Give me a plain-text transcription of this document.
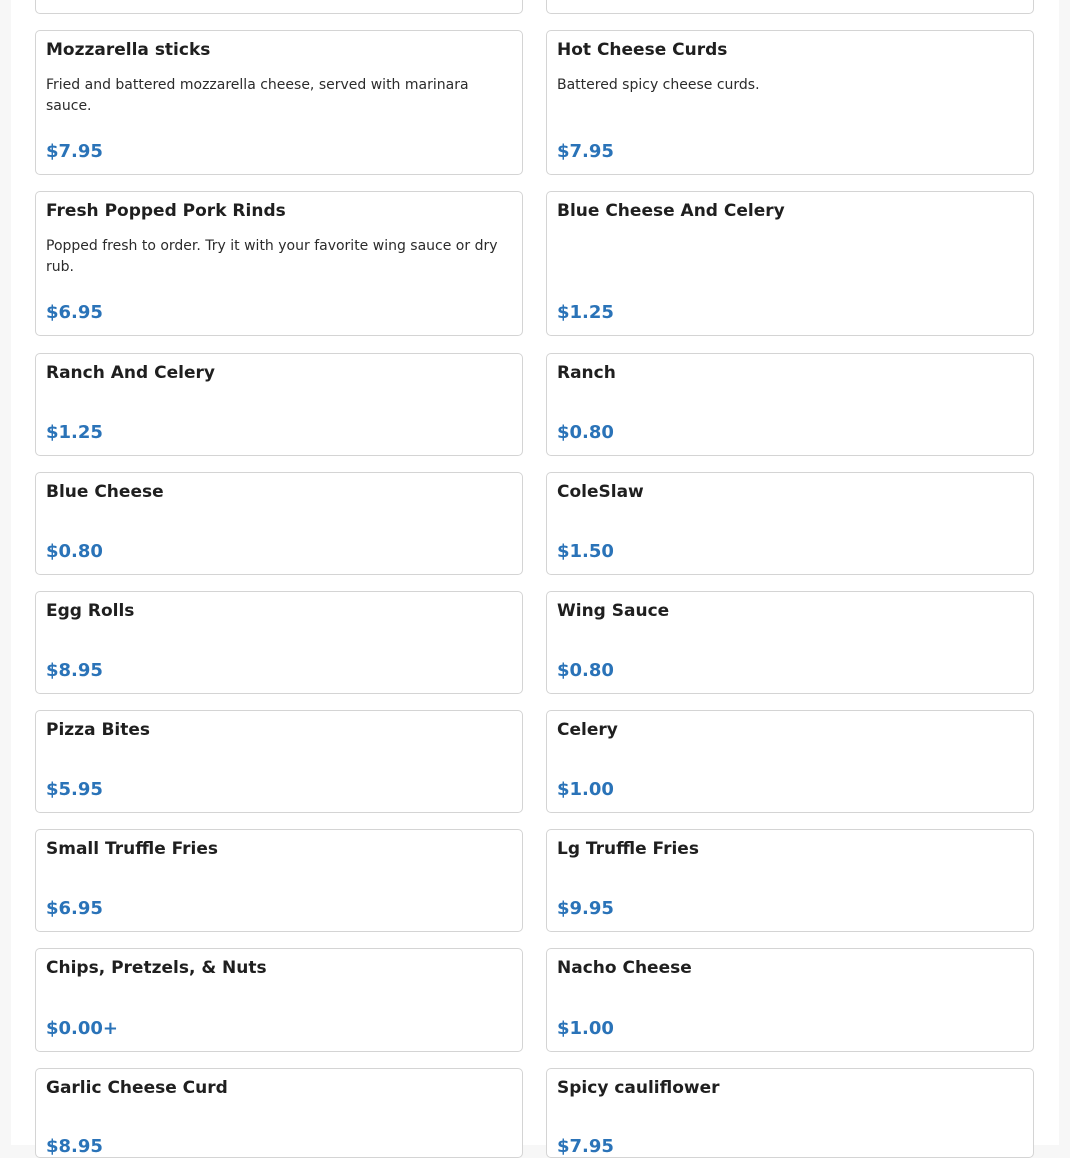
Mozzarella sticks
Fried and battered mozzarella cheese, served with marinara sauce.
$7.95
Hot Cheese Curds
Battered spicy cheese curds.
$7.95
Fresh Popped Pork Rinds
Popped fresh to order. Try it with your favorite wing sauce or dry rub.
$6.95
Blue Cheese And Celery
$1.25
Ranch And Celery
$1.25
Ranch
$0.80
Blue Cheese
$0.80
ColeSlaw
$1.50
Egg Rolls
$8.95
Wing Sauce
$0.80
Pizza Bites
$5.95
Celery
$1.00
Small Truffle Fries
$6.95
Lg Truffle Fries
$9.95
Chips, Pretzels, & Nuts
$0.00+
Nacho Cheese
$1.00
Garlic Cheese Curd
$8.95
Spicy cauliflower
$7.95
